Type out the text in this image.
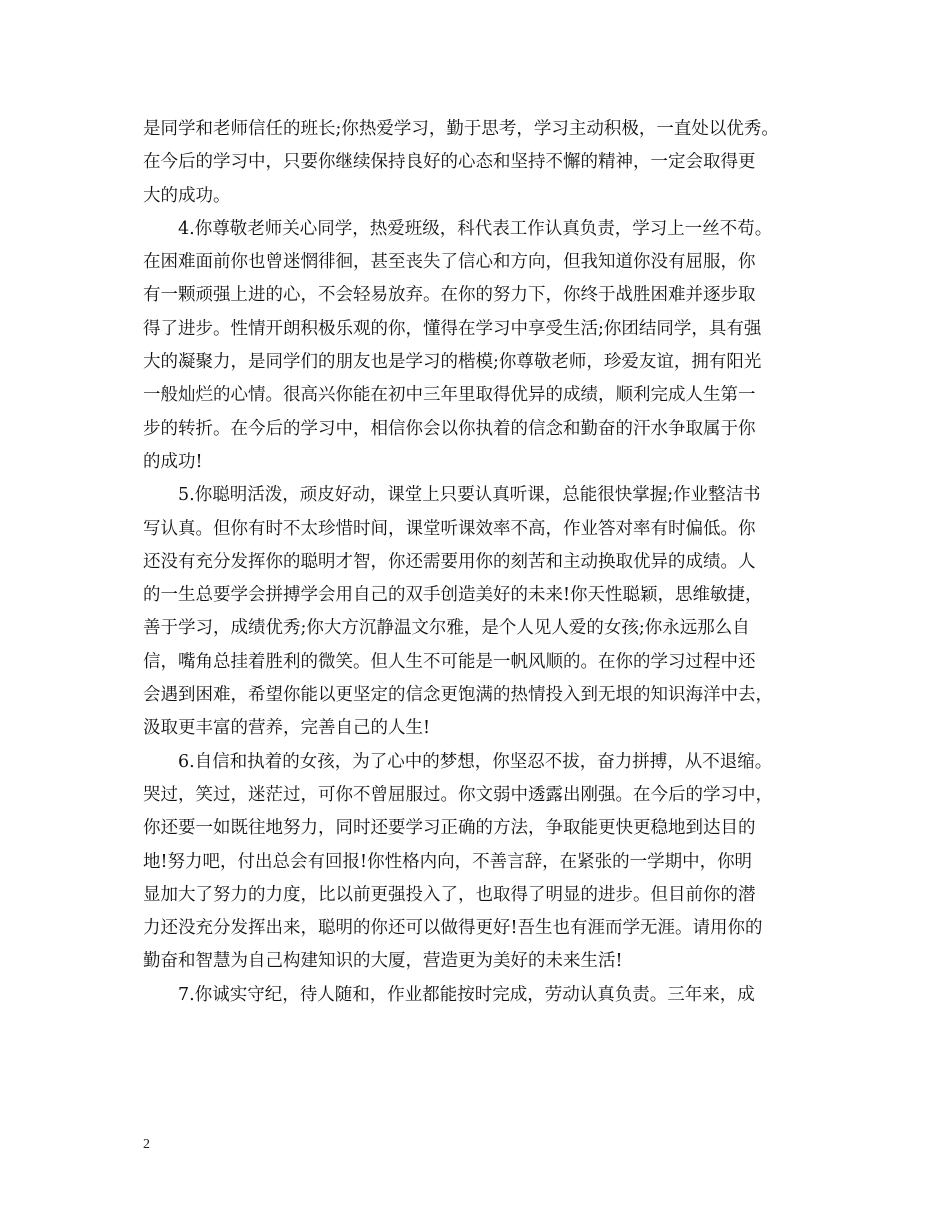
是同学和老师信任的班长;你热爱学习，勤于思考，学习主动积极，一直处以优秀。
在今后的学习中，只要你继续保持良好的心态和坚持不懈的精神，一定会取得更
大的成功。
4.你尊敬老师关心同学，热爱班级，科代表工作认真负责，学习上一丝不苟。
在困难面前你也曾迷惘徘徊，甚至丧失了信心和方向，但我知道你没有屈服，你
有一颗顽强上进的心，不会轻易放弃。在你的努力下，你终于战胜困难并逐步取
得了进步。性情开朗积极乐观的你，懂得在学习中享受生活;你团结同学，具有强
大的凝聚力，是同学们的朋友也是学习的楷模;你尊敬老师，珍爱友谊，拥有阳光
一般灿烂的心情。很高兴你能在初中三年里取得优异的成绩，顺利完成人生第一
步的转折。在今后的学习中，相信你会以你执着的信念和勤奋的汗水争取属于你
的成功!
5.你聪明活泼，顽皮好动，课堂上只要认真听课，总能很快掌握;作业整洁书
写认真。但你有时不太珍惜时间，课堂听课效率不高，作业答对率有时偏低。你
还没有充分发挥你的聪明才智，你还需要用你的刻苦和主动换取优异的成绩。人
的一生总要学会拼搏学会用自己的双手创造美好的未来!你天性聪颖，思维敏捷，
善于学习，成绩优秀;你大方沉静温文尔雅，是个人见人爱的女孩;你永远那么自
信，嘴角总挂着胜利的微笑。但人生不可能是一帆风顺的。在你的学习过程中还
会遇到困难，希望你能以更坚定的信念更饱满的热情投入到无垠的知识海洋中去，
汲取更丰富的营养，完善自己的人生!
6.自信和执着的女孩，为了心中的梦想，你坚忍不拔，奋力拼搏，从不退缩。
哭过，笑过，迷茫过，可你不曾屈服过。你文弱中透露出刚强。在今后的学习中，
你还要一如既往地努力，同时还要学习正确的方法，争取能更快更稳地到达目的
地!努力吧，付出总会有回报!你性格内向，不善言辞，在紧张的一学期中，你明
显加大了努力的力度，比以前更强投入了，也取得了明显的进步。但目前你的潜
力还没充分发挥出来，聪明的你还可以做得更好!吾生也有涯而学无涯。请用你的
勤奋和智慧为自己构建知识的大厦，营造更为美好的未来生活!
7.你诚实守纪，待人随和，作业都能按时完成，劳动认真负责。三年来，成
2
